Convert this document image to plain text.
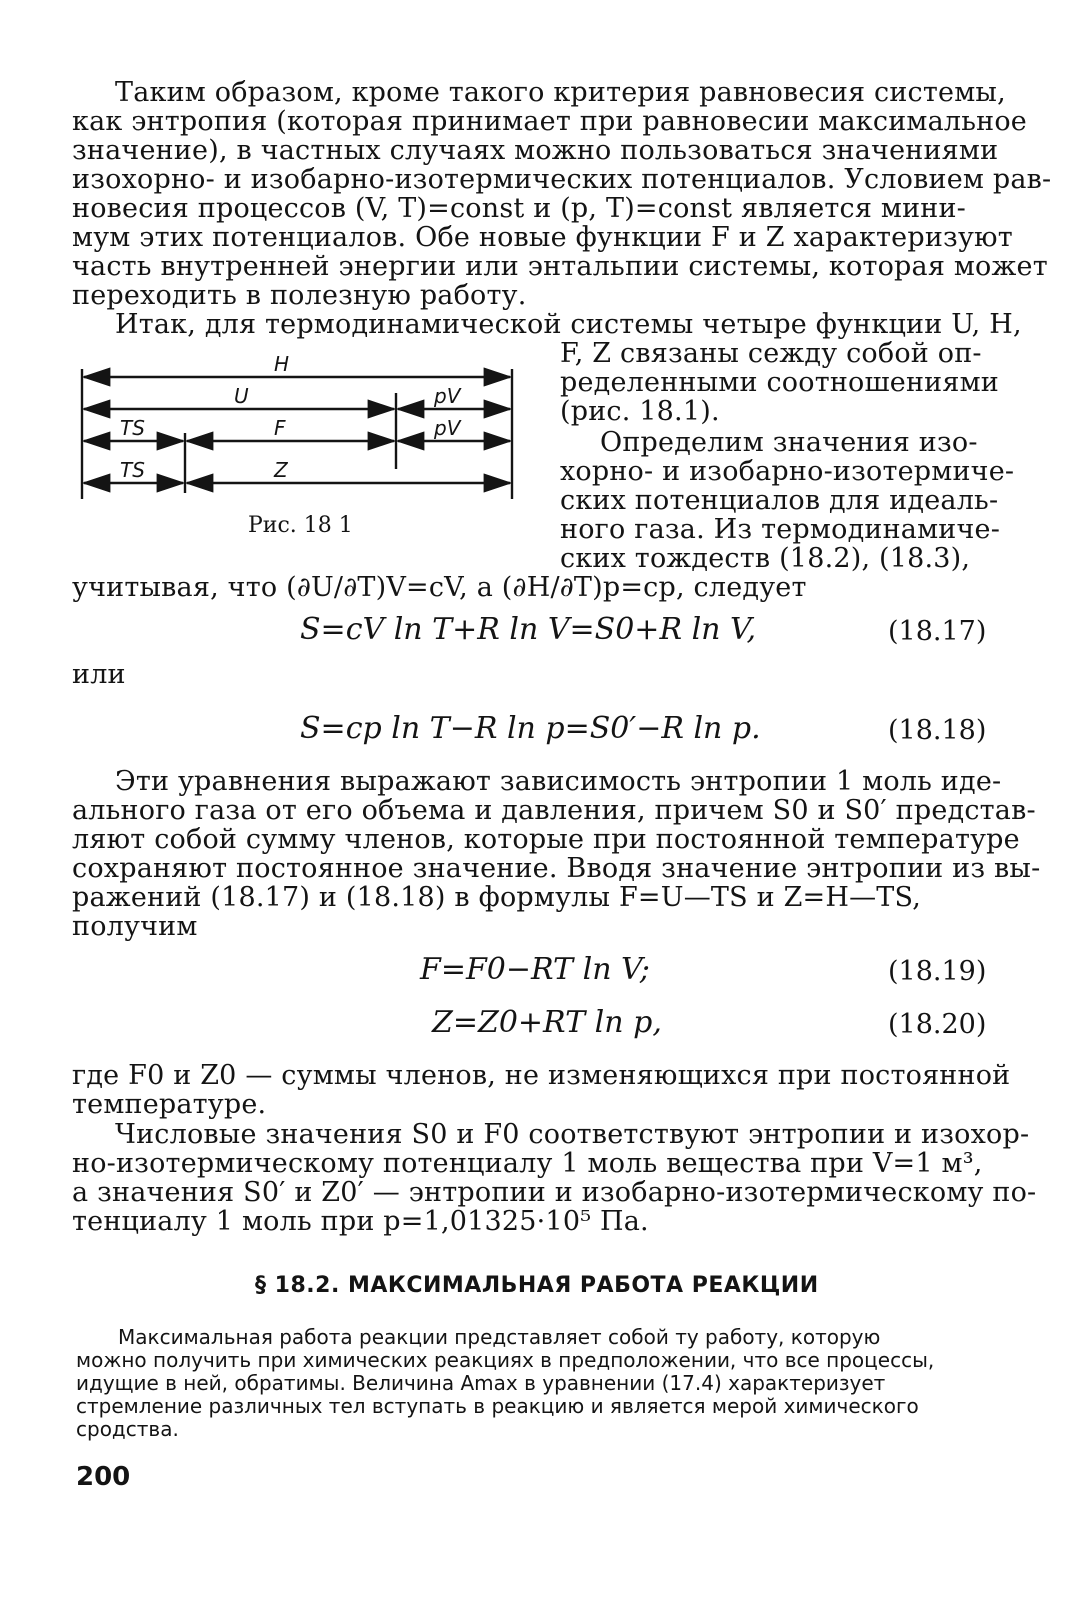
Таким образом, кроме такого критерия равновесия системы,
как энтропия (которая принимает при равновесии максимальное
значение), в частных случаях можно пользоваться значениями
изохорно- и изобарно-изотермических потенциалов. Условием рав-
новесия процессов (V, T)=const и (p, T)=const является мини-
мум этих потенциалов. Обе новые функции F и Z характеризуют
часть внутренней энергии или энтальпии системы, которая может
переходить в полезную работу.
Итак, для термодинамической системы четыре функции U, H,
F, Z связаны сежду собой оп-
ределенными соотношениями
(рис. 18.1).
Определим значения изо-
хорно- и изобарно-изотермиче-
ских потенциалов для идеаль-
ного газа. Из термодинамиче-
ских тождеств (18.2), (18.3),
учитывая, что (∂U/∂T)V=cV, а (∂H/∂T)p=cp, следует
H
U	pV
TS	F	pV
TS	Z
Рис. 18 1
S=cV ln T+R ln V=S0+R ln V,	(18.17)
или
S=cp ln T−R ln p=S0′−R ln p.	(18.18)
Эти уравнения выражают зависимость энтропии 1 моль иде-
ального газа от его объема и давления, причем S0 и S0′ представ-
ляют собой сумму членов, которые при постоянной температуре
сохраняют постоянное значение. Вводя значение энтропии из вы-
ражений (18.17) и (18.18) в формулы F=U—TS и Z=H—TS,
получим
F=F0−RT ln V;	(18.19)
Z=Z0+RT ln p,	(18.20)
где F0 и Z0 — суммы членов, не изменяющихся при постоянной
температуре.
Числовые значения S0 и F0 соответствуют энтропии и изохор-
но-изотермическому потенциалу 1 моль вещества при V=1 м³,
а значения S0′ и Z0′ — энтропии и изобарно-изотермическому по-
тенциалу 1 моль при p=1,01325·10⁵ Па.
§ 18.2. МАКСИМАЛЬНАЯ РАБОТА РЕАКЦИИ
Максимальная работа реакции представляет собой ту работу, которую
можно получить при химических реакциях в предположении, что все процессы,
идущие в ней, обратимы. Величина Amax в уравнении (17.4) характеризует
стремление различных тел вступать в реакцию и является мерой химического
сродства.
200
